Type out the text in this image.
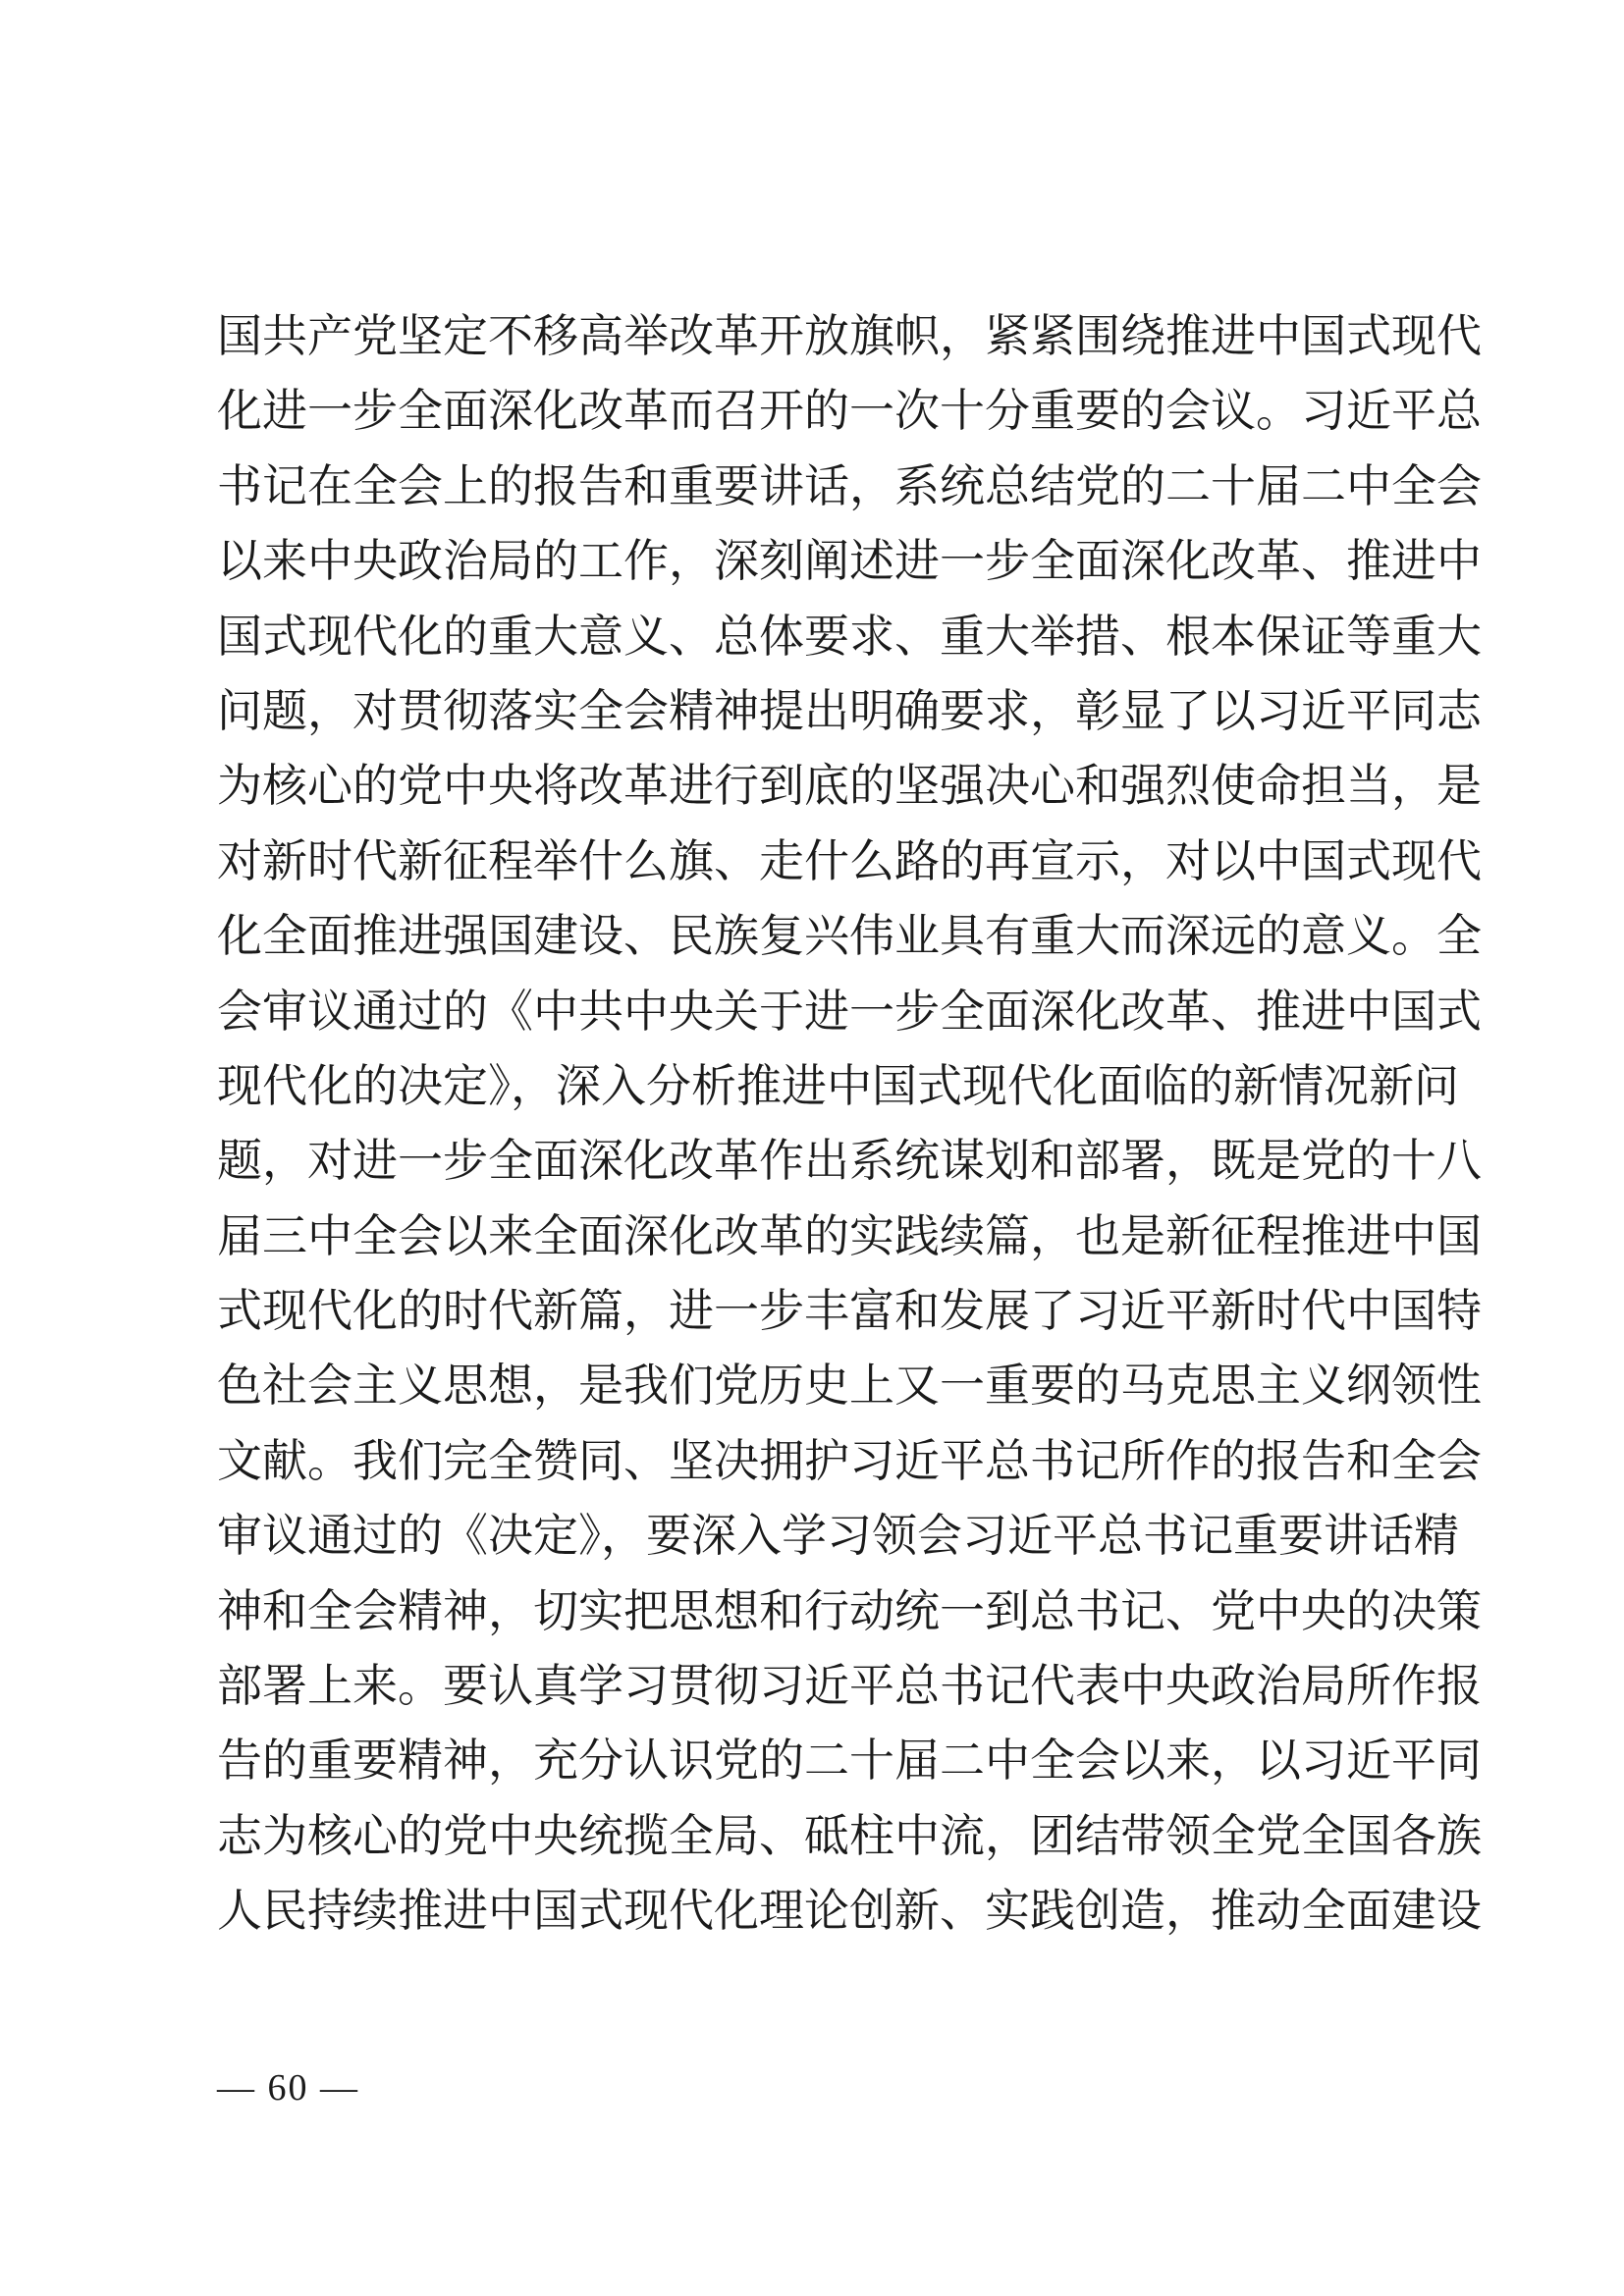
国共产党坚定不移高举改革开放旗帜，紧紧围绕推进中国式现代
化进一步全面深化改革而召开的一次十分重要的会议。习近平总
书记在全会上的报告和重要讲话，系统总结党的二十届二中全会
以来中央政治局的工作，深刻阐述进一步全面深化改革、推进中
国式现代化的重大意义、总体要求、重大举措、根本保证等重大
问题，对贯彻落实全会精神提出明确要求，彰显了以习近平同志
为核心的党中央将改革进行到底的坚强决心和强烈使命担当，是
对新时代新征程举什么旗、走什么路的再宣示，对以中国式现代
化全面推进强国建设、民族复兴伟业具有重大而深远的意义。全
会审议通过的《中共中央关于进一步全面深化改革、推进中国式
现代化的决定》，深入分析推进中国式现代化面临的新情况新问
题，对进一步全面深化改革作出系统谋划和部署，既是党的十八
届三中全会以来全面深化改革的实践续篇，也是新征程推进中国
式现代化的时代新篇，进一步丰富和发展了习近平新时代中国特
色社会主义思想，是我们党历史上又一重要的马克思主义纲领性
文献。我们完全赞同、坚决拥护习近平总书记所作的报告和全会
审议通过的《决定》，要深入学习领会习近平总书记重要讲话精
神和全会精神，切实把思想和行动统一到总书记、党中央的决策
部署上来。要认真学习贯彻习近平总书记代表中央政治局所作报
告的重要精神，充分认识党的二十届二中全会以来，以习近平同
志为核心的党中央统揽全局、砥柱中流，团结带领全党全国各族
人民持续推进中国式现代化理论创新、实践创造，推动全面建设
— 60 —
